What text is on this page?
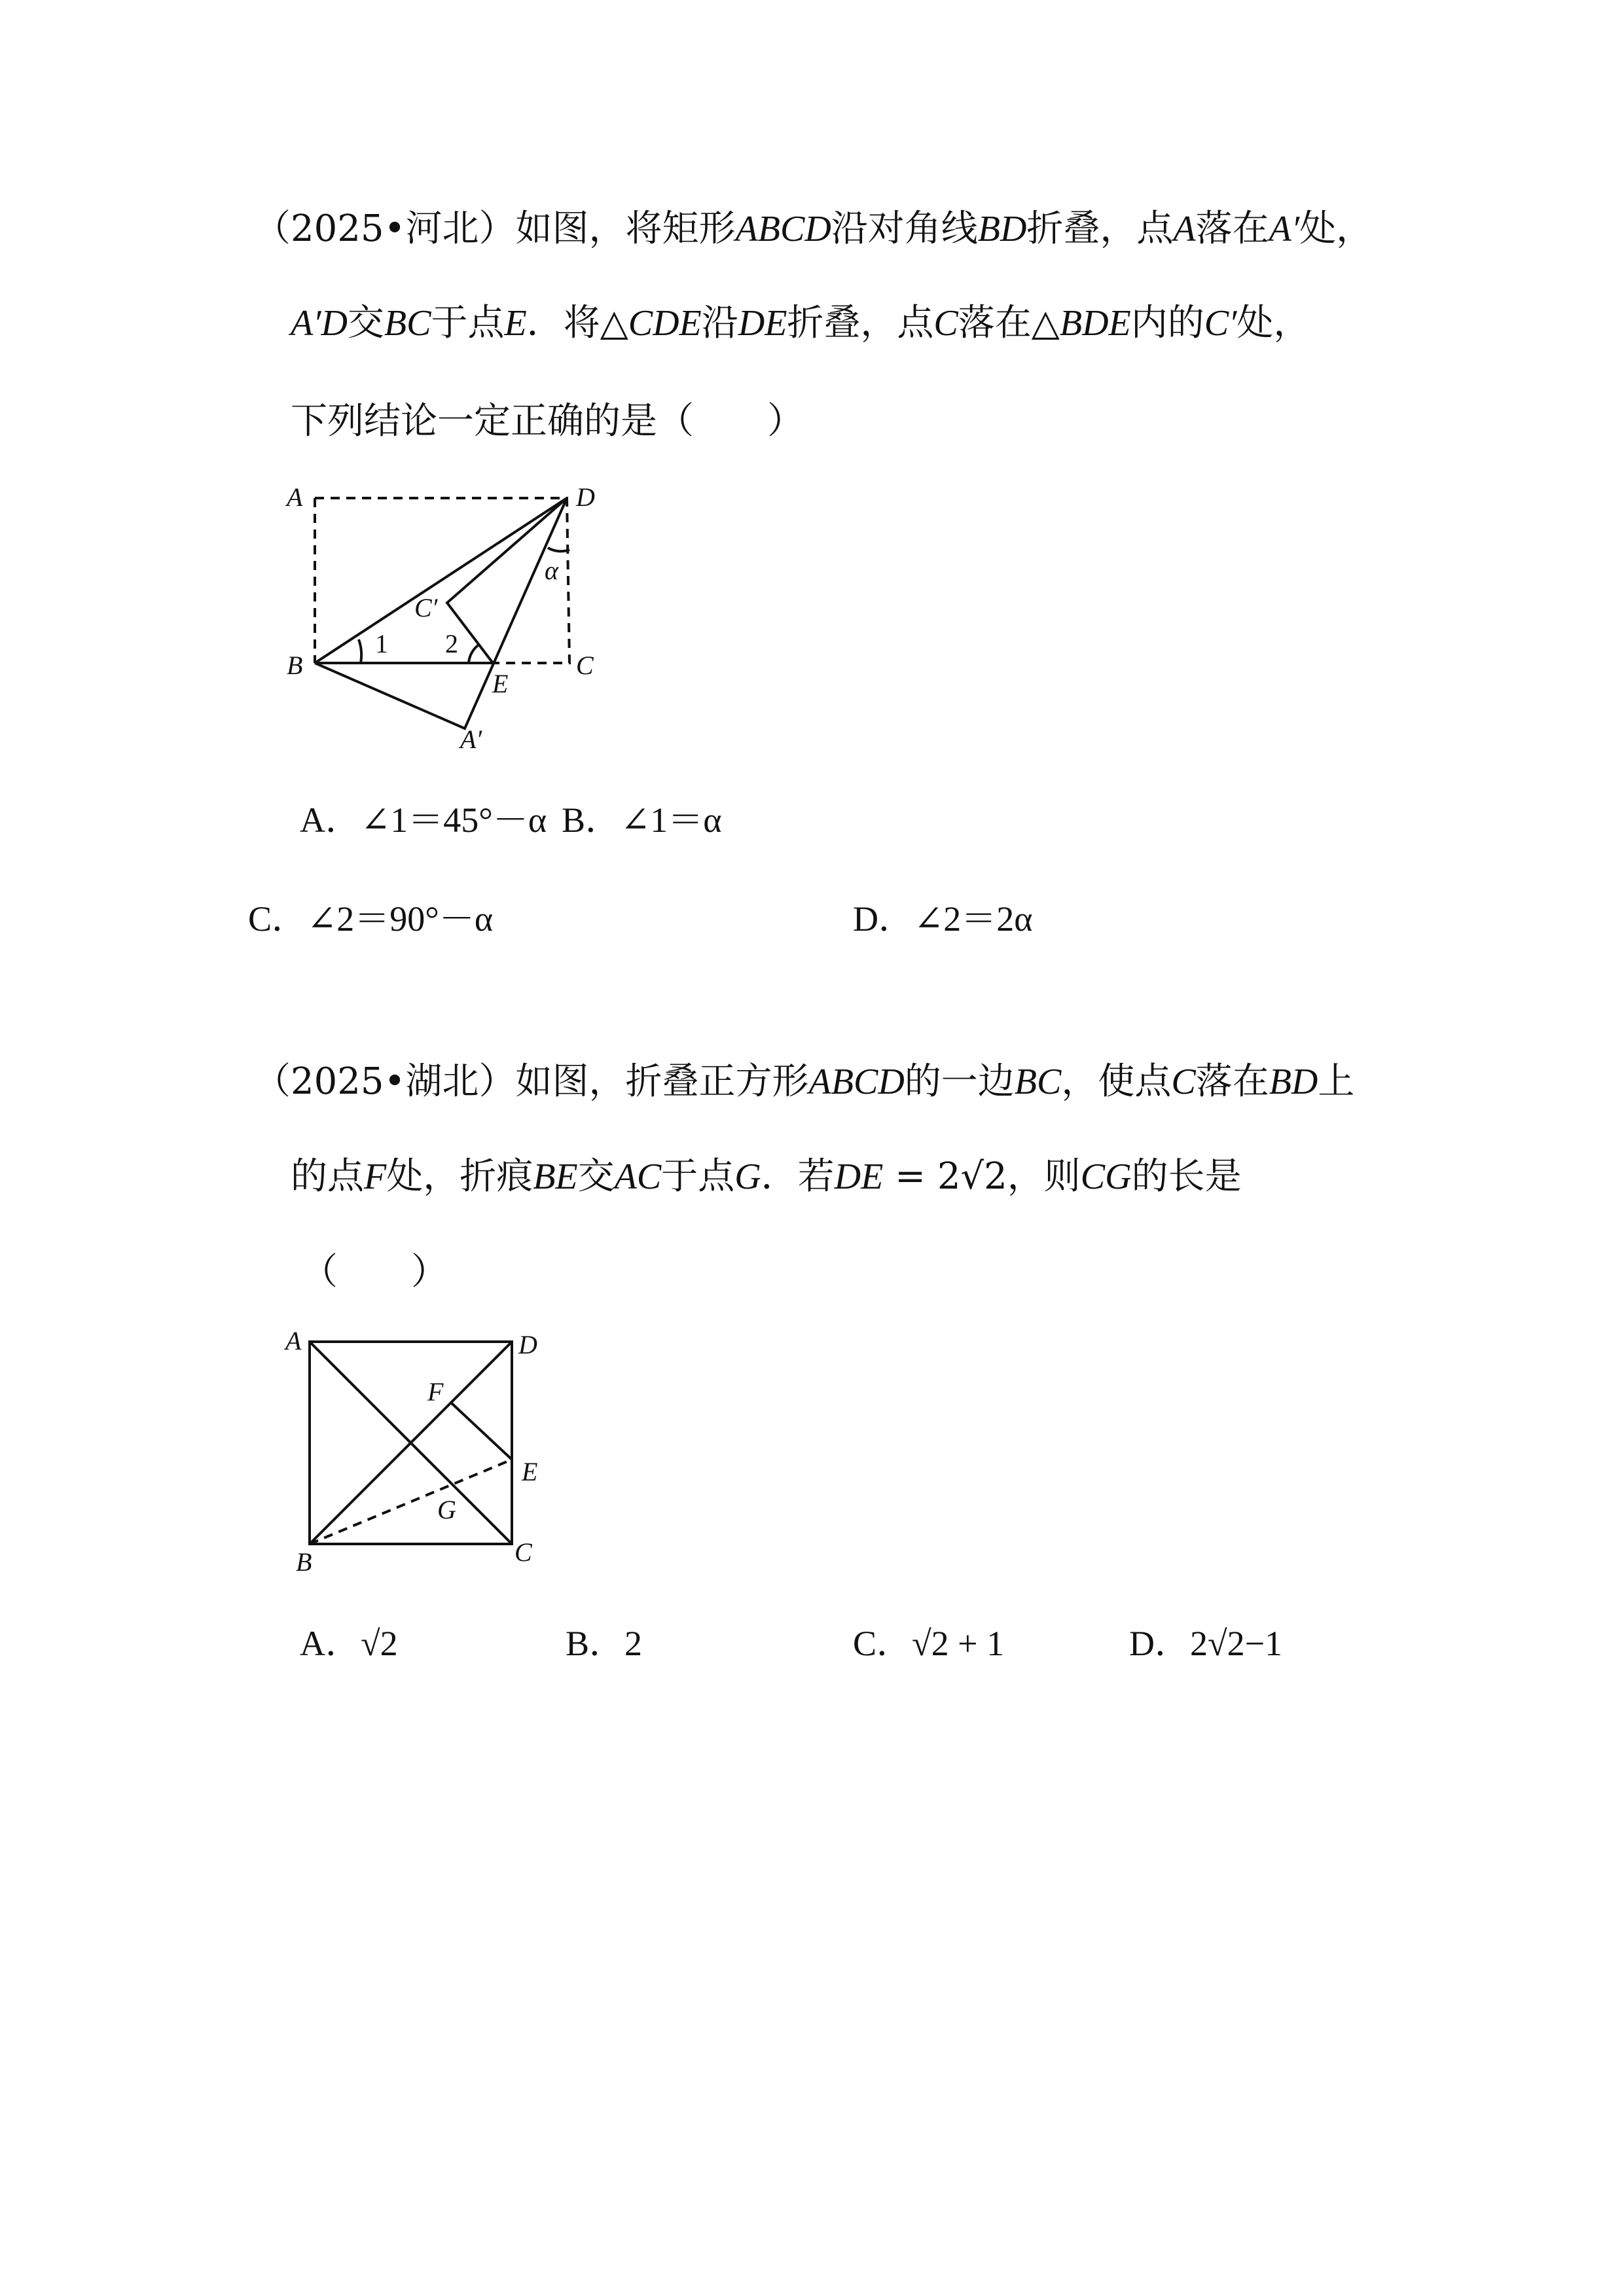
（2025•河北）如图，将矩形ABCD沿对角线BD折叠，点A落在A′处，
A′D交BC于点E．将△CDE沿DE折叠，点C落在△BDE内的C′处，
下列结论一定正确的是（　　）
A	D
B	C
E
C′
A′
1 2
α
A	D
B	C
E
F
G
A．∠1＝45°－α B．∠1＝α
C．∠2＝90°－α	D．∠2＝2α
（2025•湖北）如图，折叠正方形ABCD的一边BC，使点C落在BD上
的点F处，折痕BE交AC于点G．若DE = 2√2，则CG的长是
（　　）
A．√2	B．2	C．√2 + 1	D．2√2−1
